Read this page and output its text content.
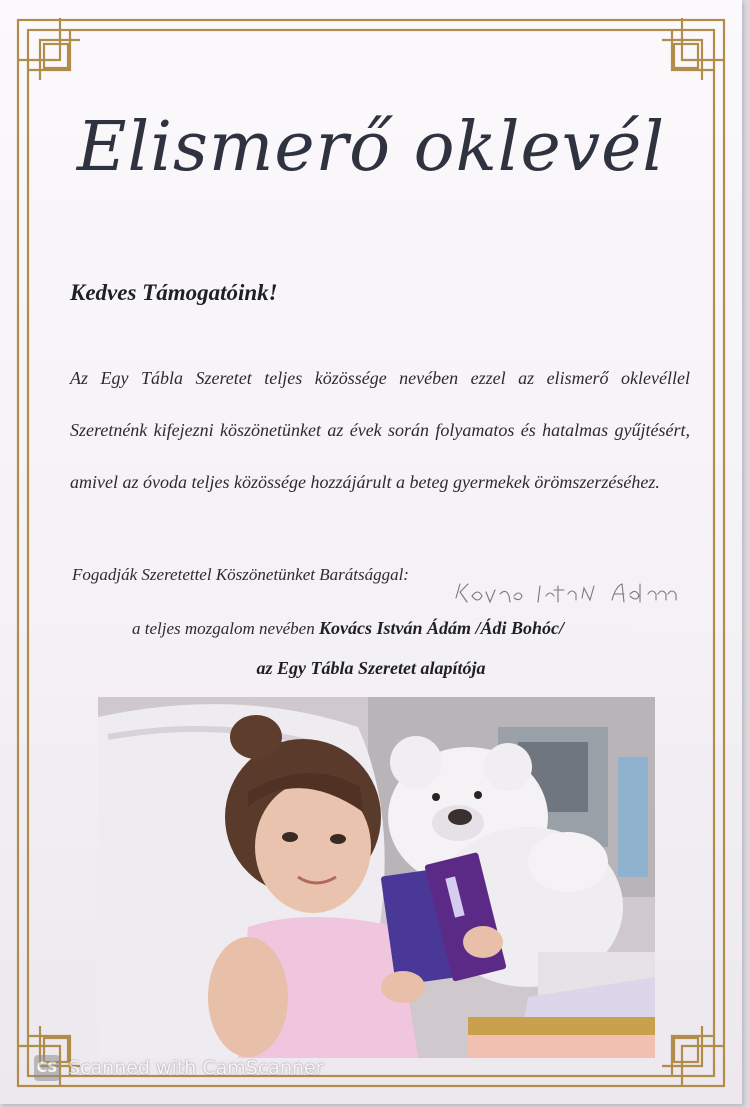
Elismerő oklevél
Kedves Támogatóink!
Az Egy Tábla Szeretet teljes közössége nevében ezzel az elismerő oklevéllel Szeretnénk kifejezni köszönetünket az évek során folyamatos és hatalmas gyűjtésért, amivel az óvoda teljes közössége hozzájárult a beteg gyermekek örömszerzéséhez.
Fogadják Szeretettel Köszönetünket Barátsággal:
a teljes mozgalom nevében Kovács István Ádám /Ádi Bohóc/
az Egy Tábla Szeretet alapítója
CS Scanned with CamScanner
